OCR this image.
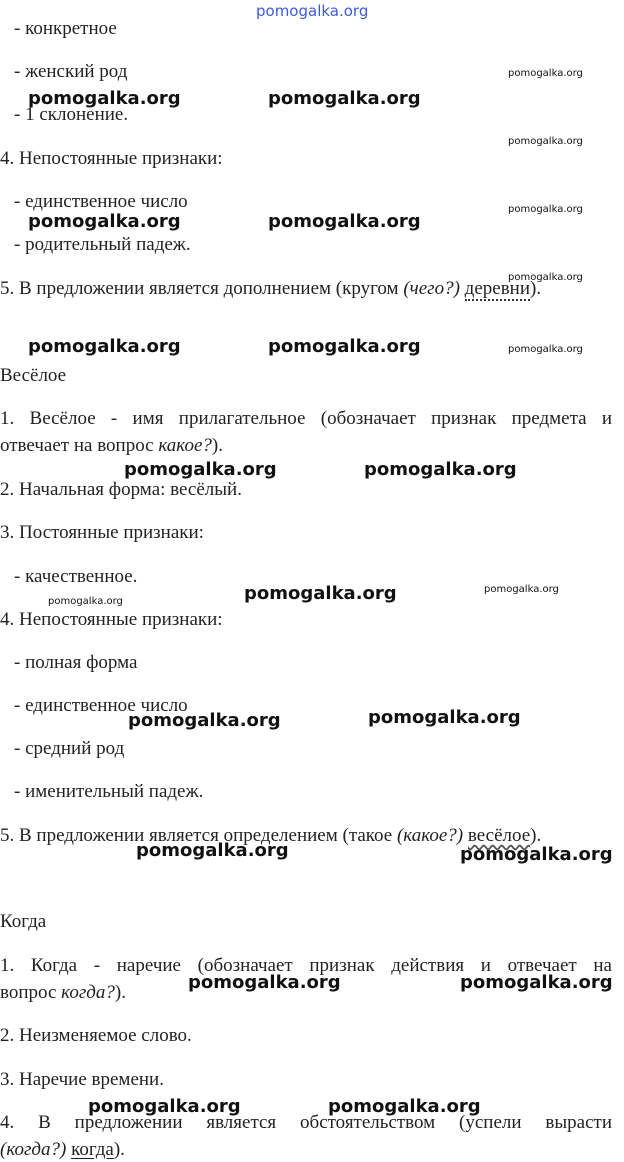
pomogalka.org
- конкретное
- женский род
- 1 склонение.
4. Непостоянные признаки:
- единственное число
- родительный падеж.
5. В предложении является дополнением (кругом (чего?) деревни).
Весёлое
1. Весёлое - имя прилагательное (обозначает признак предмета и
отвечает на вопрос какое?).
2. Начальная форма: весёлый.
3. Постоянные признаки:
- качественное.
4. Непостоянные признаки:
- полная форма
- единственное число
- средний род
- именительный падеж.
5. В предложении является определением (такое (какое?) весёлое).
Когда
1. Когда - наречие (обозначает признак действия и отвечает на
вопрос когда?).
2. Неизменяемое слово.
3. Наречие времени.
4. В предложении является обстоятельством (успели вырасти
(когда?) когда).
pomogalka.org	pomogalka.org
pomogalka.org	pomogalka.org
pomogalka.org	pomogalka.org
pomogalka.org	pomogalka.org
pomogalka.org
pomogalka.org	pomogalka.org
pomogalka.org	pomogalka.org
pomogalka.org	pomogalka.org
pomogalka.org	pomogalka.org
pomogalka.org
pomogalka.org
pomogalka.org
pomogalka.org
pomogalka.org
pomogalka.org
pomogalka.org
